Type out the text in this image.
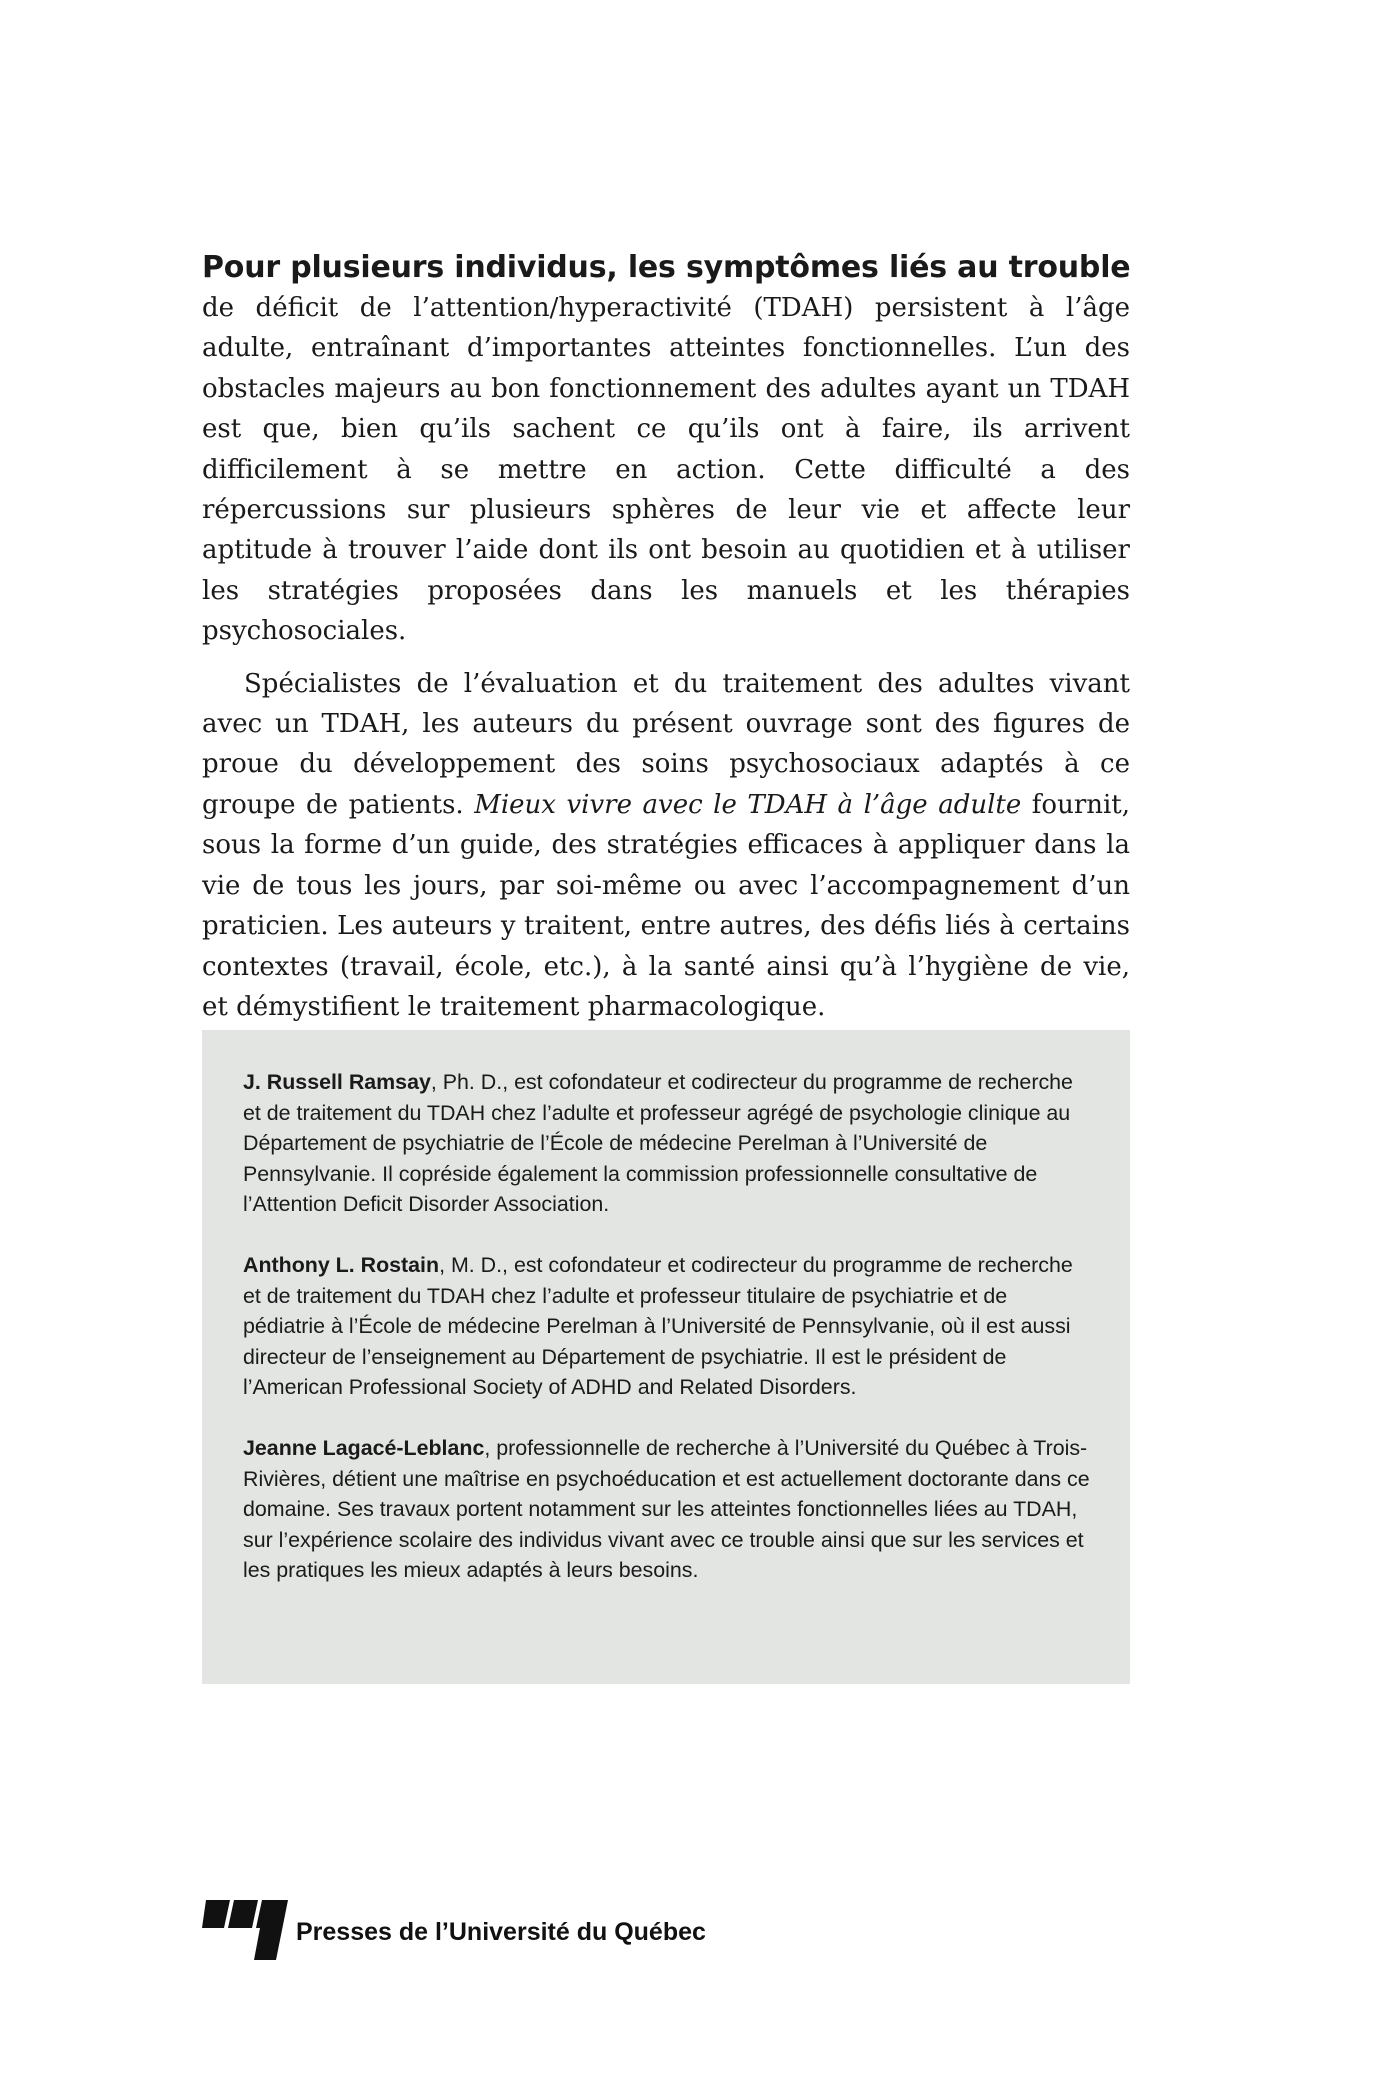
Pour plusieurs individus, les symptômes liés au trouble

de déficit de l’attention/hyperactivité (TDAH) persistent à l’âge adulte, entraînant d’importantes atteintes fonctionnelles. L’un des obstacles majeurs au bon fonctionnement des adultes ayant un TDAH est que, bien qu’ils sachent ce qu’ils ont à faire, ils arrivent difficilement à se mettre en action. Cette difficulté a des répercussions sur plusieurs sphères de leur vie et affecte leur aptitude à trouver l’aide dont ils ont besoin au quotidien et à utiliser les stratégies proposées dans les manuels et les thérapies psychosociales.

Spécialistes de l’évaluation et du traitement des adultes vivant avec un TDAH, les auteurs du présent ouvrage sont des figures de proue du développement des soins psychosociaux adaptés à ce groupe de patients. Mieux vivre avec le TDAH à l’âge adulte fournit, sous la forme d’un guide, des stratégies efficaces à appliquer dans la vie de tous les jours, par soi-même ou avec l’accompagnement d’un praticien. Les auteurs y traitent, entre autres, des défis liés à certains contextes (travail, école, etc.), à la santé ainsi qu’à l’hygiène de vie, et démystifient le traitement pharmacologique.

J. Russell Ramsay, Ph. D., est cofondateur et codirecteur du programme de recherche et de traitement du TDAH chez l’adulte et professeur agrégé de psychologie clinique au Département de psychiatrie de l’École de médecine Perelman à l’Université de Pennsylvanie. Il copréside également la commission professionnelle consultative de l’Attention Deficit Disorder Association.

Anthony L. Rostain, M. D., est cofondateur et codirecteur du programme de recherche et de traitement du TDAH chez l’adulte et professeur titulaire de psychiatrie et de pédiatrie à l’École de médecine Perelman à l’Université de Pennsylvanie, où il est aussi directeur de l’enseignement au Département de psychiatrie. Il est le président de l’American Professional Society of ADHD and Related Disorders.

Jeanne Lagacé-Leblanc, professionnelle de recherche à l’Université du Québec à Trois-Rivières, détient une maîtrise en psychoéducation et est actuellement doctorante dans ce domaine. Ses travaux portent notamment sur les atteintes fonctionnelles liées au TDAH, sur l’expérience scolaire des individus vivant avec ce trouble ainsi que sur les services et les pratiques les mieux adaptés à leurs besoins.

Presses de l’Université du Québec
